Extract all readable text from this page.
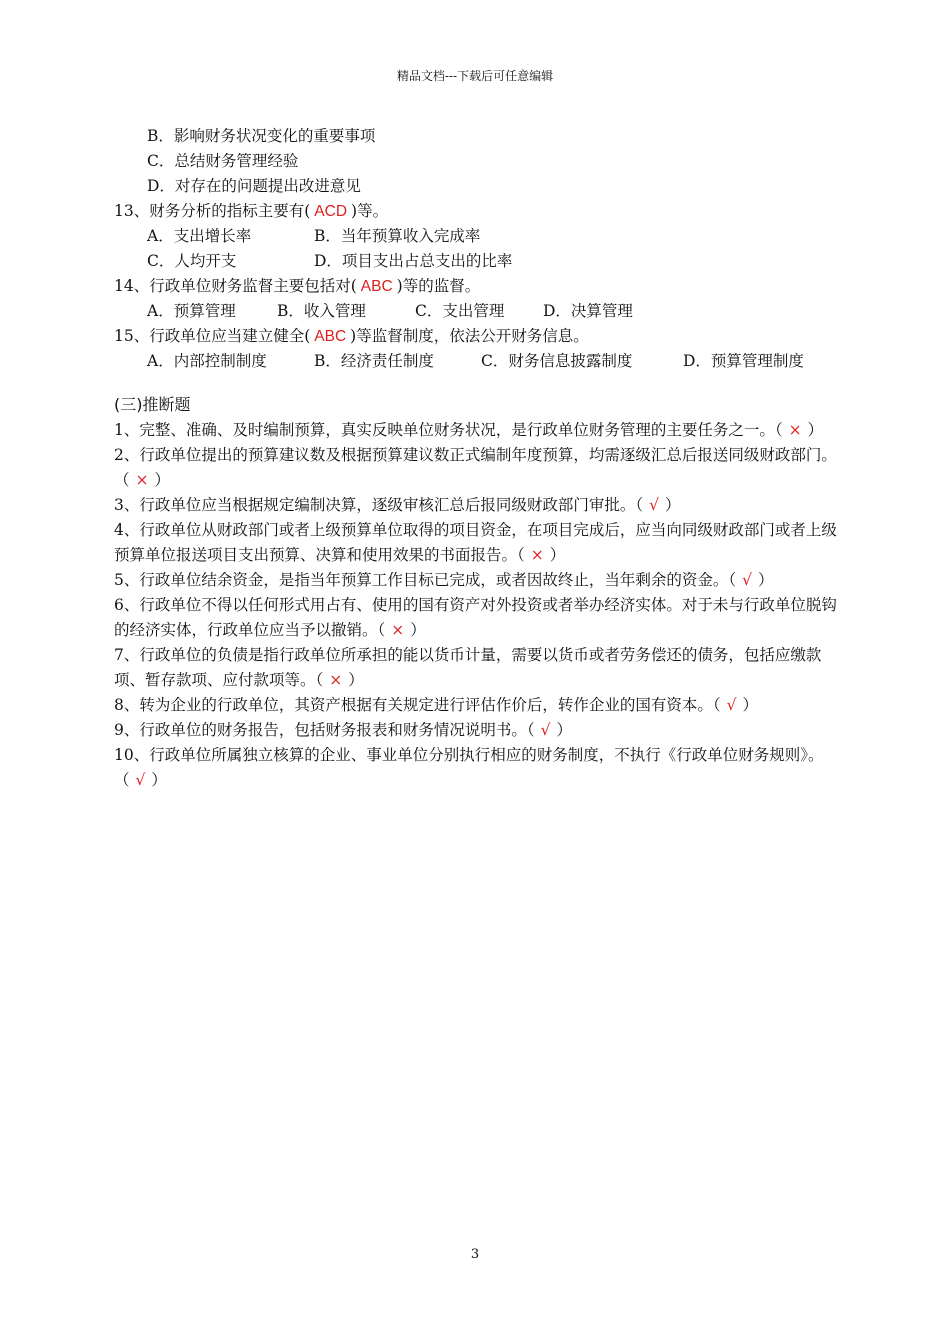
精品文档---下载后可任意编辑
B．影响财务状况变化的重要事项
C．总结财务管理经验
D．对存在的问题提出改进意见
13、财务分析的指标主要有( ACD )等。
A．支出增长率	B．当年预算收入完成率
C．人均开支	D．项目支出占总支出的比率
14、行政单位财务监督主要包括对( ABC )等的监督。
A．预算管理	B．收入管理	C．支出管理 D．决算管理
15、行政单位应当建立健全( ABC )等监督制度，依法公开财务信息。
A．内部控制制度	B．经济责任制度	C．财务信息披露制度	D．预算管理制度
(三)推断题
1、完整、准确、及时编制预算，真实反映单位财务状况，是行政单位财务管理的主要任务之一。（ × ）
2、行政单位提出的预算建议数及根据预算建议数正式编制年度预算，均需逐级汇总后报送同级财政部门。（ × ）
3、行政单位应当根据规定编制决算，逐级审核汇总后报同级财政部门审批。（ √ ）
4、行政单位从财政部门或者上级预算单位取得的项目资金，在项目完成后，应当向同级财政部门或者上级预算单位报送项目支出预算、决算和使用效果的书面报告。（ × ）
5、行政单位结余资金，是指当年预算工作目标已完成，或者因故终止，当年剩余的资金。（ √ ）
6、行政单位不得以任何形式用占有、使用的国有资产对外投资或者举办经济实体。对于未与行政单位脱钩的经济实体，行政单位应当予以撤销。（ × ）
7、行政单位的负债是指行政单位所承担的能以货币计量，需要以货币或者劳务偿还的债务，包括应缴款项、暂存款项、应付款项等。（ × ）
8、转为企业的行政单位，其资产根据有关规定进行评估作价后，转作企业的国有资本。（ √ ）
9、行政单位的财务报告，包括财务报表和财务情况说明书。（ √ ）
10、行政单位所属独立核算的企业、事业单位分别执行相应的财务制度，不执行《行政单位财务规则》。（ √ ）
3
